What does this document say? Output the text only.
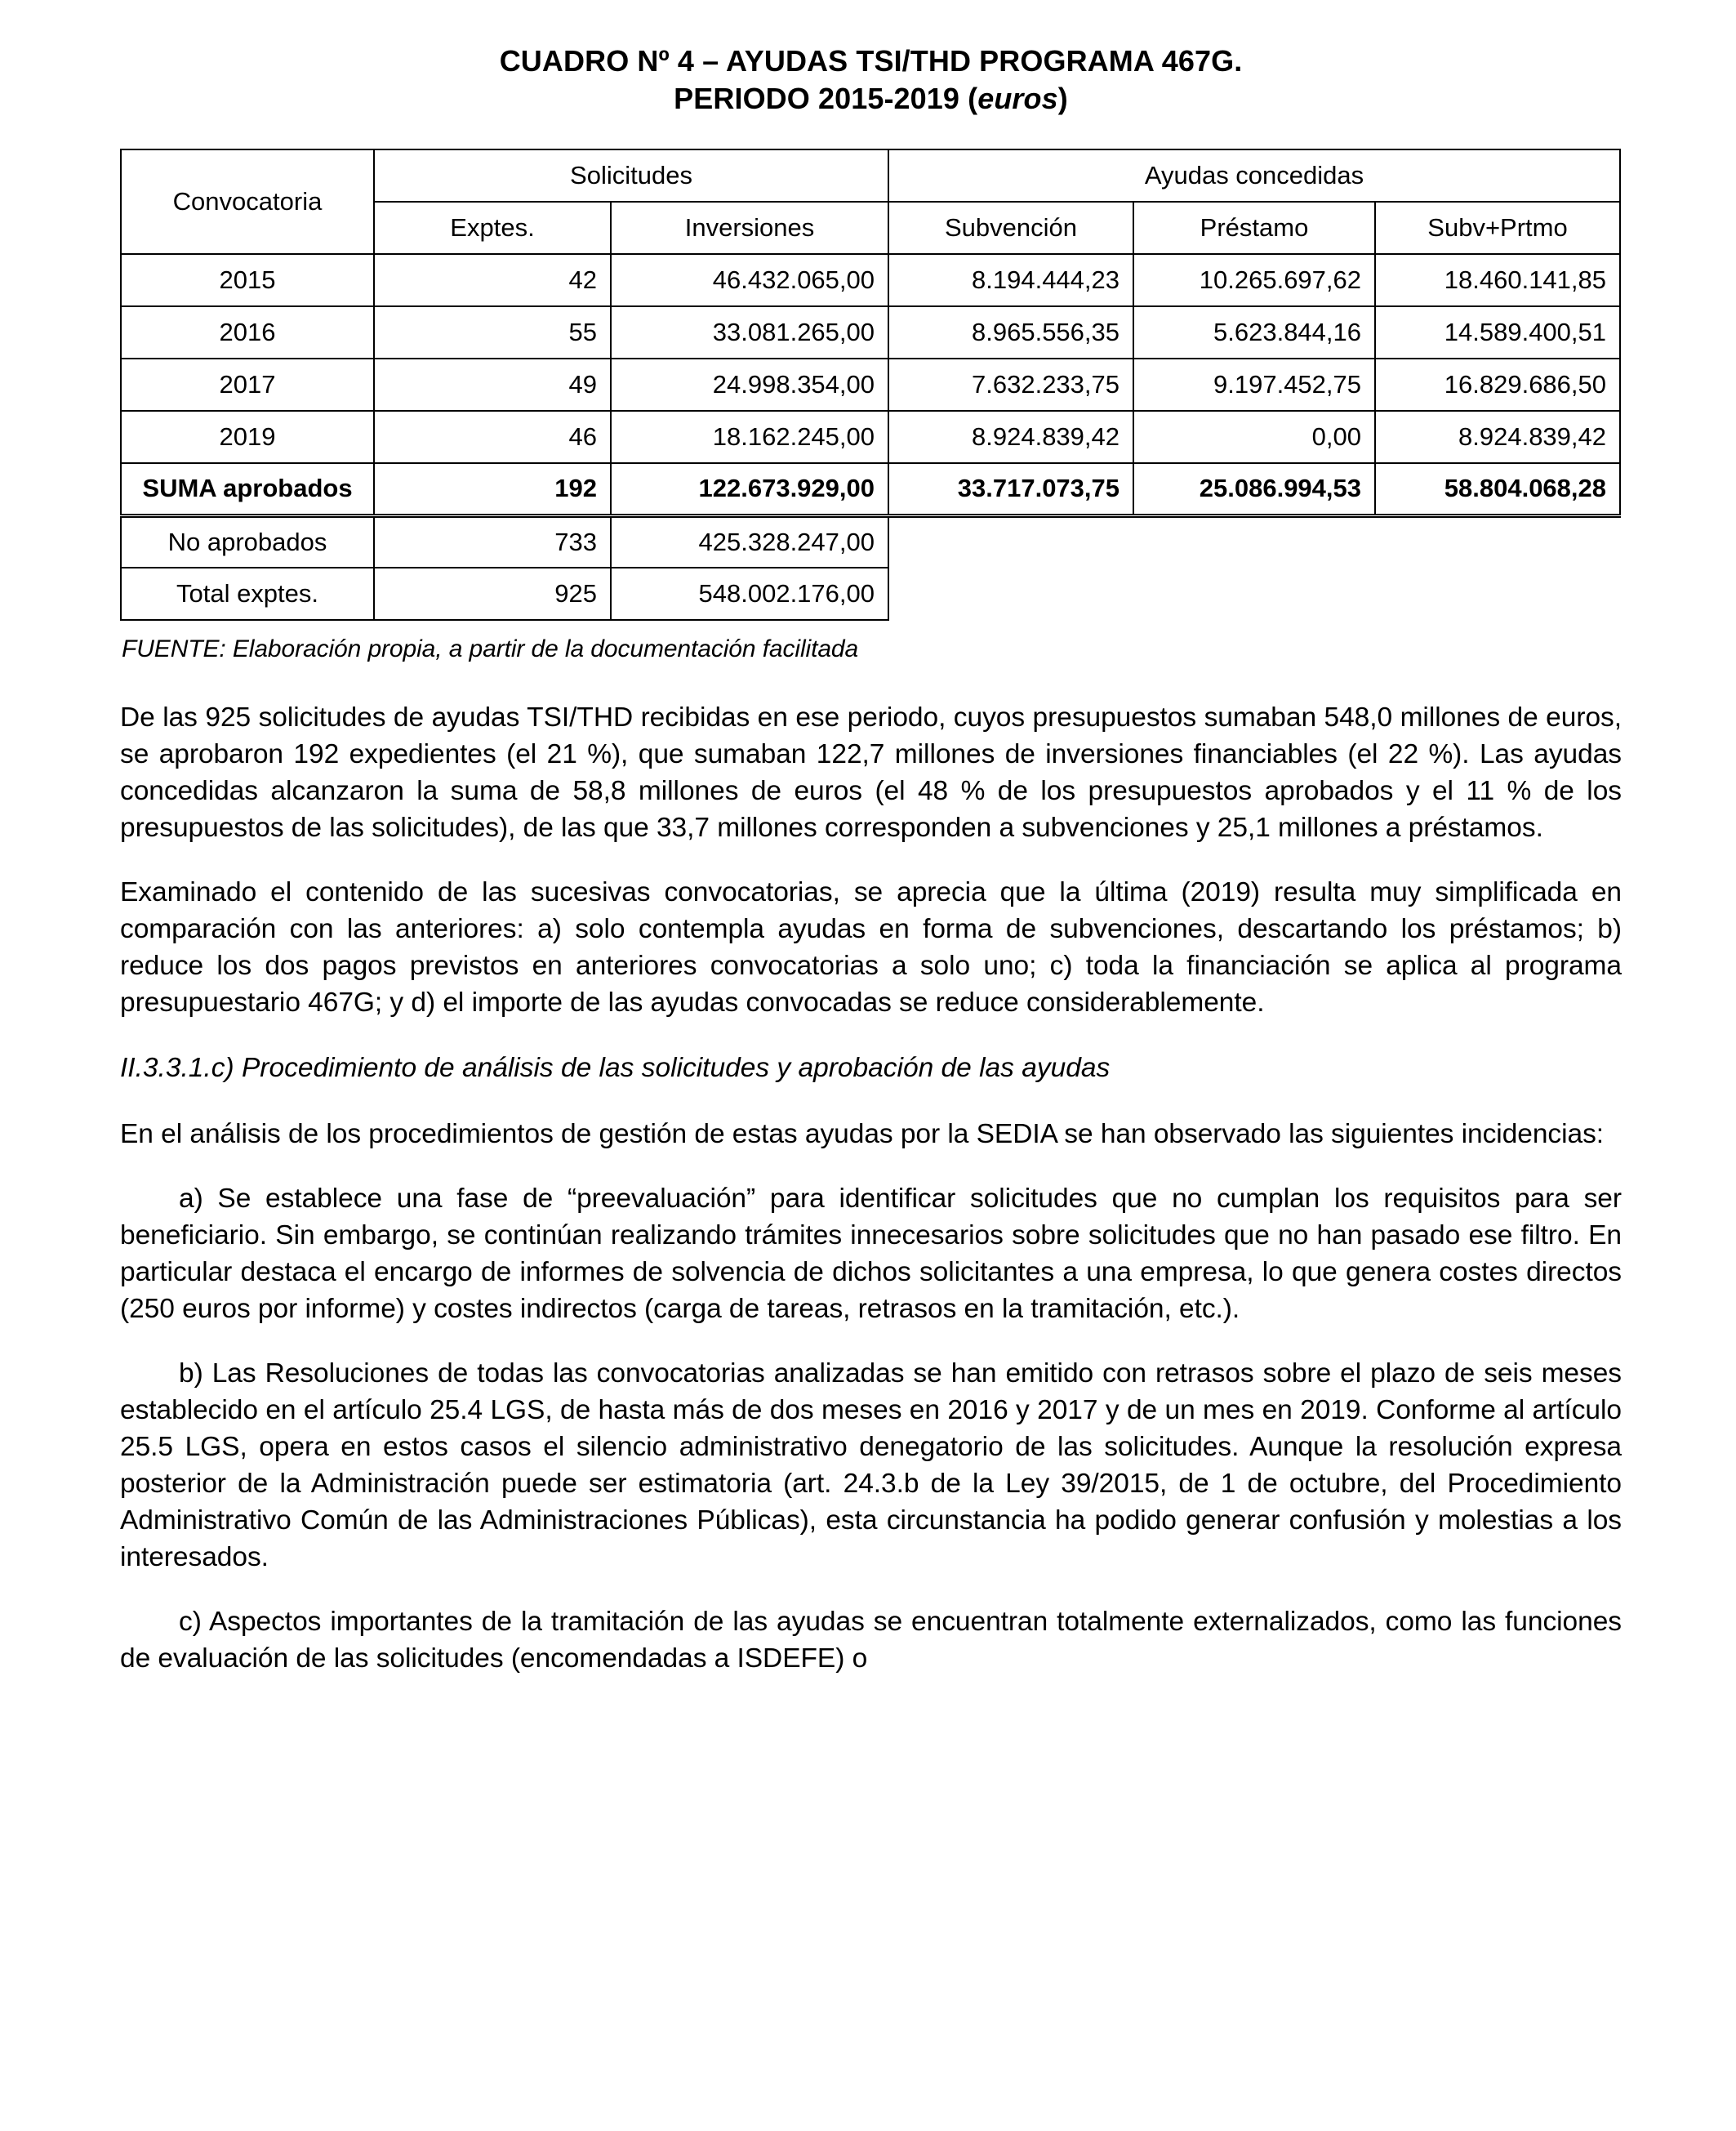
CUADRO Nº 4 – AYUDAS TSI/THD PROGRAMA 467G.
PERIODO 2015-2019 (euros)
Convocatoria	Solicitudes		Ayudas concedidas		
	Exptes.	Inversiones	Subvención	Préstamo	Subv+Prtmo
2015	42	46.432.065,00	8.194.444,23	10.265.697,62	18.460.141,85
2016	55	33.081.265,00	8.965.556,35	5.623.844,16	14.589.400,51
2017	49	24.998.354,00	7.632.233,75	9.197.452,75	16.829.686,50
2019	46	18.162.245,00	8.924.839,42	0,00	8.924.839,42
SUMA aprobados	192	122.673.929,00	33.717.073,75	25.086.994,53	58.804.068,28
No aprobados	733	425.328.247,00			
Total exptes.	925	548.002.176,00			
FUENTE: Elaboración propia, a partir de la documentación facilitada

De las 925 solicitudes de ayudas TSI/THD recibidas en ese periodo, cuyos presupuestos sumaban 548,0 millones de euros, se aprobaron 192 expedientes (el 21 %), que sumaban 122,7 millones de inversiones financiables (el 22 %). Las ayudas concedidas alcanzaron la suma de 58,8 millones de euros (el 48 % de los presupuestos aprobados y el 11 % de los presupuestos de las solicitudes), de las que 33,7 millones corresponden a subvenciones y 25,1 millones a préstamos.

Examinado el contenido de las sucesivas convocatorias, se aprecia que la última (2019) resulta muy simplificada en comparación con las anteriores: a) solo contempla ayudas en forma de subvenciones, descartando los préstamos; b) reduce los dos pagos previstos en anteriores convocatorias a solo uno; c) toda la financiación se aplica al programa presupuestario 467G; y d) el importe de las ayudas convocadas se reduce considerablemente.

II.3.3.1.c) Procedimiento de análisis de las solicitudes y aprobación de las ayudas

En el análisis de los procedimientos de gestión de estas ayudas por la SEDIA se han observado las siguientes incidencias:

a) Se establece una fase de “preevaluación” para identificar solicitudes que no cumplan los requisitos para ser beneficiario. Sin embargo, se continúan realizando trámites innecesarios sobre solicitudes que no han pasado ese filtro. En particular destaca el encargo de informes de solvencia de dichos solicitantes a una empresa, lo que genera costes directos (250 euros por informe) y costes indirectos (carga de tareas, retrasos en la tramitación, etc.).

b) Las Resoluciones de todas las convocatorias analizadas se han emitido con retrasos sobre el plazo de seis meses establecido en el artículo 25.4 LGS, de hasta más de dos meses en 2016 y 2017 y de un mes en 2019. Conforme al artículo 25.5 LGS, opera en estos casos el silencio administrativo denegatorio de las solicitudes. Aunque la resolución expresa posterior de la Administración puede ser estimatoria (art. 24.3.b de la Ley 39/2015, de 1 de octubre, del Procedimiento Administrativo Común de las Administraciones Públicas), esta circunstancia ha podido generar confusión y molestias a los interesados.

c) Aspectos importantes de la tramitación de las ayudas se encuentran totalmente externalizados, como las funciones de evaluación de las solicitudes (encomendadas a ISDEFE) o
